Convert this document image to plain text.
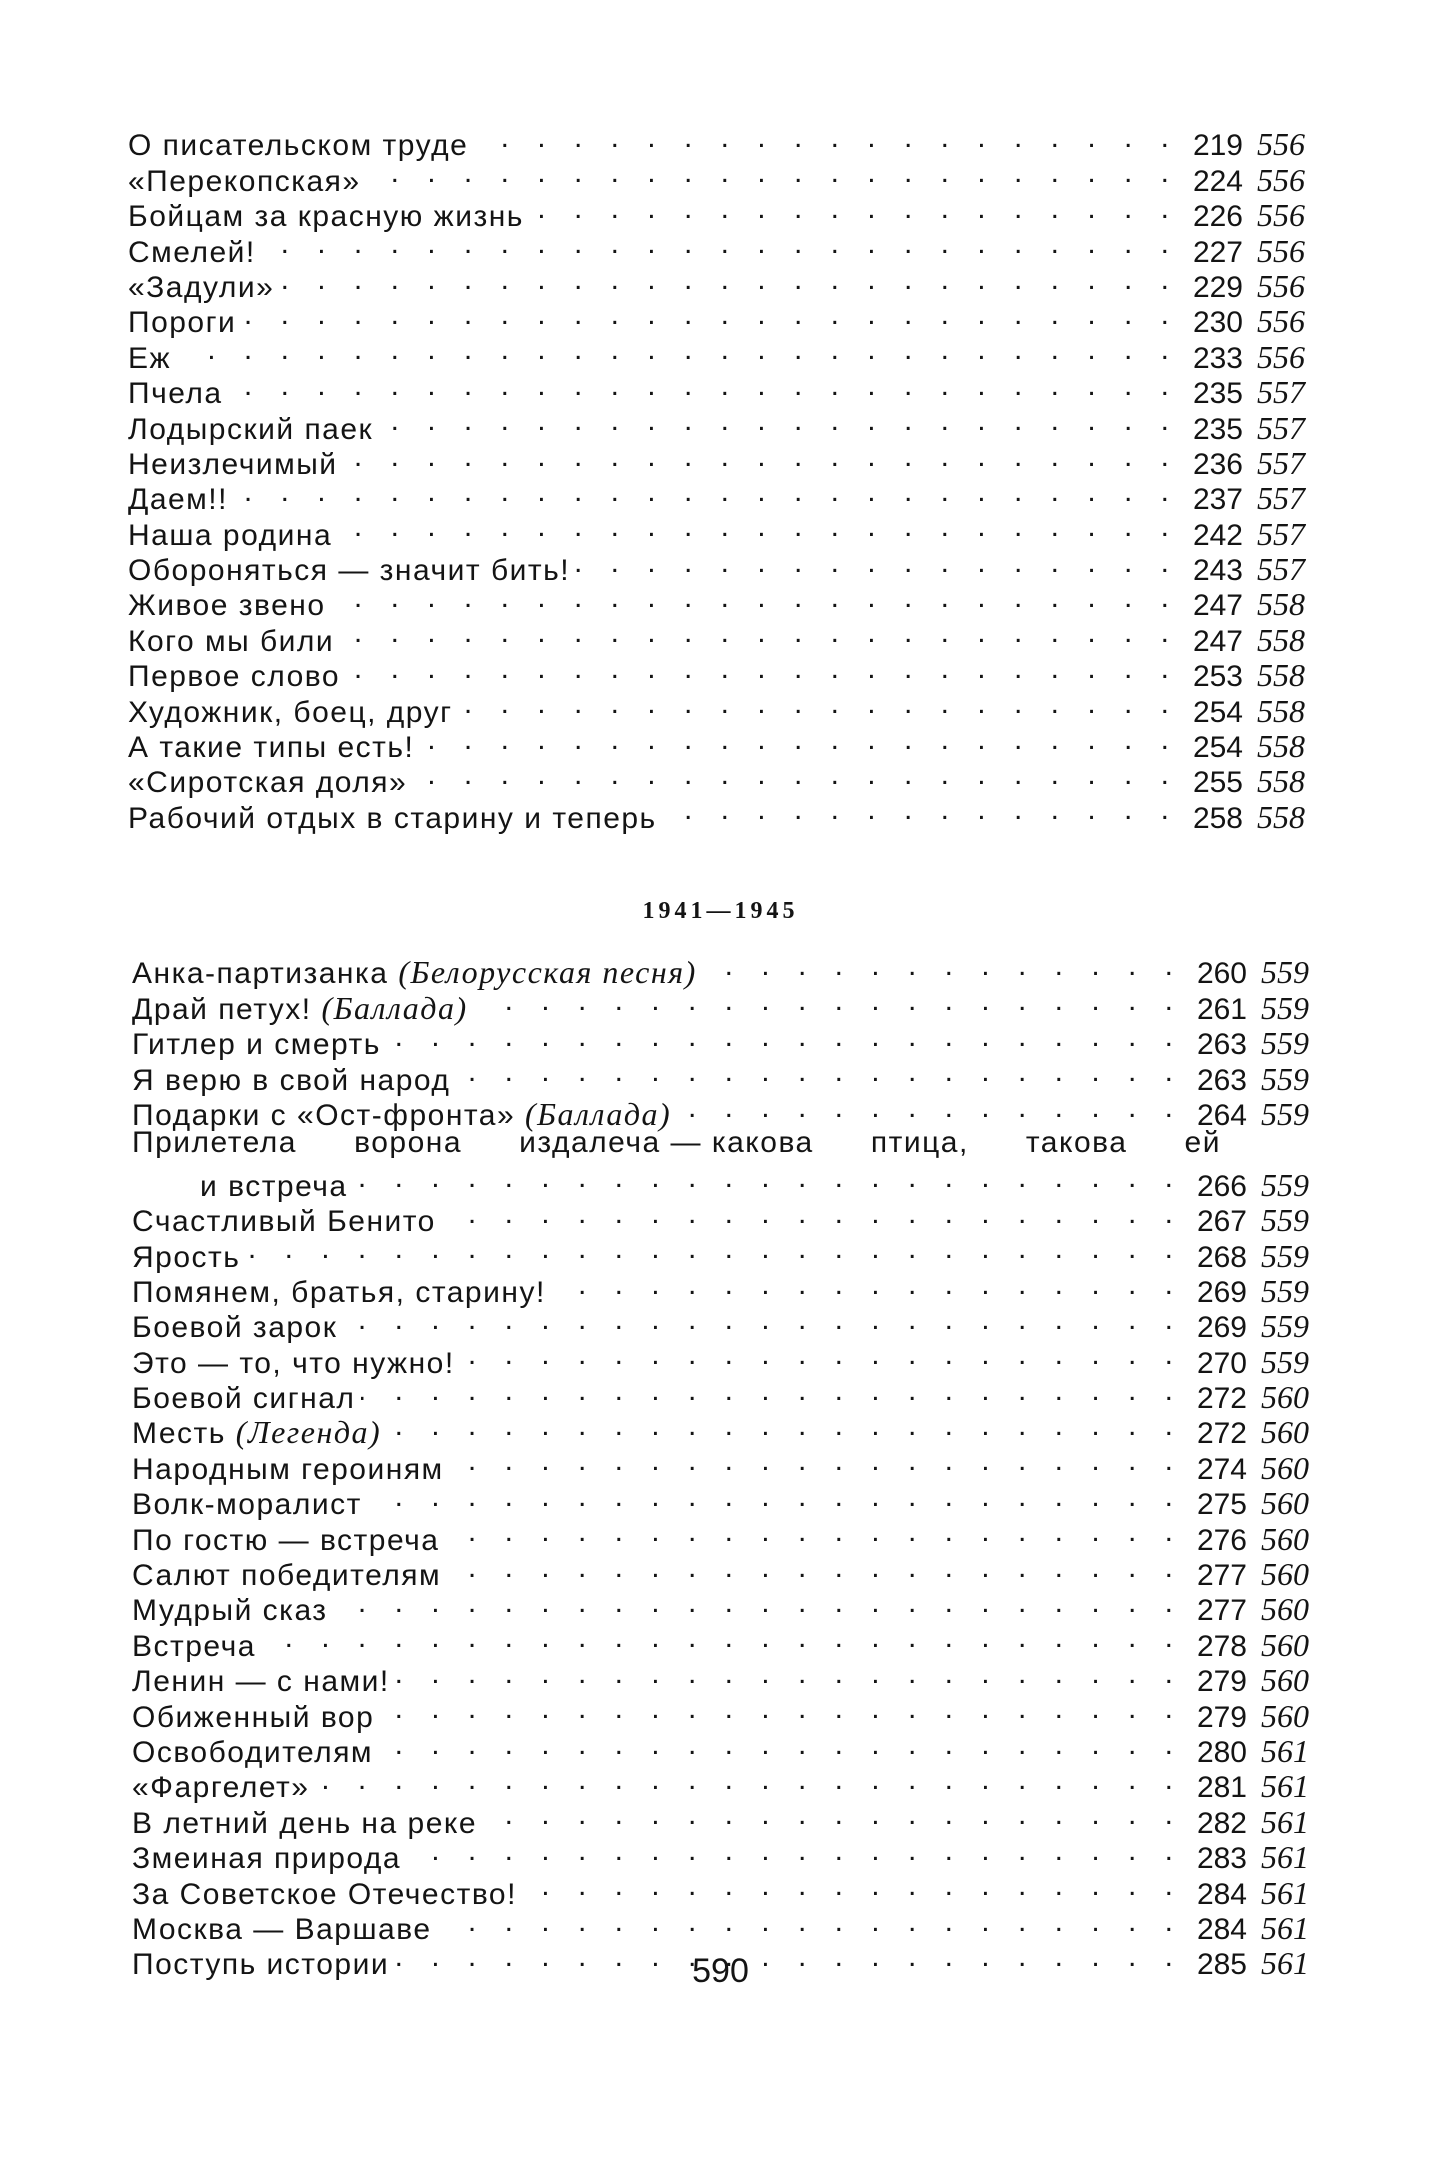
О писательском труде . . .	219 556
«Перекопская» . . .	224 556
Бойцам за красную жизнь . . .	226 556
Смелей! . . .	227 556
«Задули» . . .	229 556
Пороги . . .	230 556
Еж . . .	233 556
Пчела . . .	235 557
Лодырский паек . . .	235 557
Неизлечимый . . .	236 557
Даем!! . . .	237 557
Наша родина . . .	242 557
Обороняться — значит бить! . . .	243 557
Живое звено . . .	247 558
Кого мы били . . .	247 558
Первое слово . . .	253 558
Художник, боец, друг . . .	254 558
А такие типы есть! . . .	254 558
«Сиротская доля» . . .	255 558
Рабочий отдых в старину и теперь . . .	258 558
1941—1945
Анка-партизанка (Белорусская песня) . . .	260 559
Драй петух! (Баллада) . . .	261 559
Гитлер и смерть . . .	263 559
Я верю в свой народ . . .	263 559
Подарки с «Ост-фронта» (Баллада) . . .	264 559
Прилетела ворона издалеча — какова птица, такова ей
и встреча . . .	266 559
Счастливый Бенито . . .	267 559
Ярость . . .	268 559
Помянем, братья, старину! . . .	269 559
Боевой зарок . . .	269 559
Это — то, что нужно! . . .	270 559
Боевой сигнал . . .	272 560
Месть (Легенда) . . .	272 560
Народным героиням . . .	274 560
Волк-моралист . . .	275 560
По гостю — встреча . . .	276 560
Салют победителям . . .	277 560
Мудрый сказ . . .	277 560
Встреча . . .	278 560
Ленин — с нами! . . .	279 560
Обиженный вор . . .	279 560
Освободителям . . .	280 561
«Фаргелет» . . .	281 561
В летний день на реке . . .	282 561
Змеиная природа . . .	283 561
За Советское Отечество! . . .	284 561
Москва — Варшаве . . .	284 561
Поступь истории . . .	285 561
590
